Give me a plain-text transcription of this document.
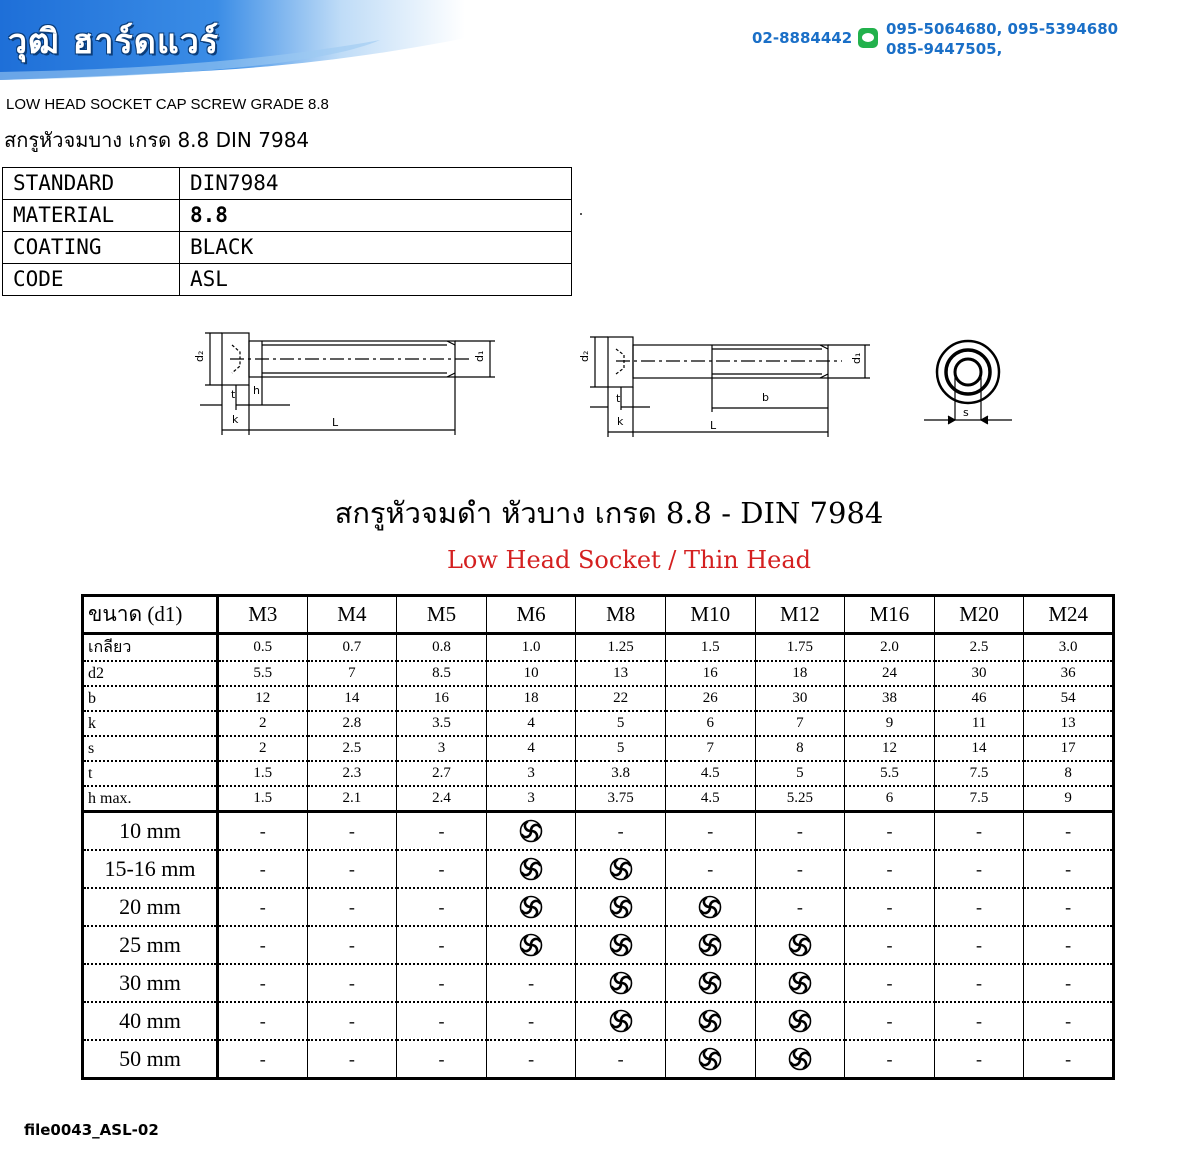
วุฒิ ฮาร์ดแวร์	02-8884442 095-5064680, 095-5394680
085-9447505,
LOW HEAD SOCKET CAP SCREW GRADE 8.8
สกรูหัวจมบาง เกรด 8.8 DIN 7984
STANDARD	DIN7984
MATERIAL	8.8
COATING	BLACK
CODE	ASL
d₂	d₁
t h
k	L
d₂	d₁
t
k
b
L
s
สกรูหัวจมดำ หัวบาง เกรด 8.8 - DIN 7984
Low Head Socket / Thin Head
ขนาด (d1)	M3	M4	M5	M6	M8	M10	M12	M16	M20	M24
เกลียว	0.5	0.7	0.8	1.0	1.25	1.5	1.75	2.0	2.5	3.0
d2	5.5	7	8.5	10	13	16	18	24	30	36
b	12	14	16	18	22	26	30	38	46	54
k	2	2.8	3.5	4	5	6	7	9	11	13
s	2	2.5	3	4	5	7	8	12	14	17
t	1.5	2.3	2.7	3	3.8	4.5	5	5.5	7.5	8
h max.	1.5	2.1	2.4	3	3.75	4.5	5.25	6	7.5	9
10 mm	-	-	-		-	-	-	-	-	-
15-16 mm	-	-	-			-	-	-	-	-
20 mm	-	-	-				-	-	-	-
25 mm	-	-	-					-	-	-
30 mm	-	-	-	-				-	-	-
40 mm	-	-	-	-				-	-	-
50 mm	-	-	-	-	-			-	-	-
file0043_ASL-02
